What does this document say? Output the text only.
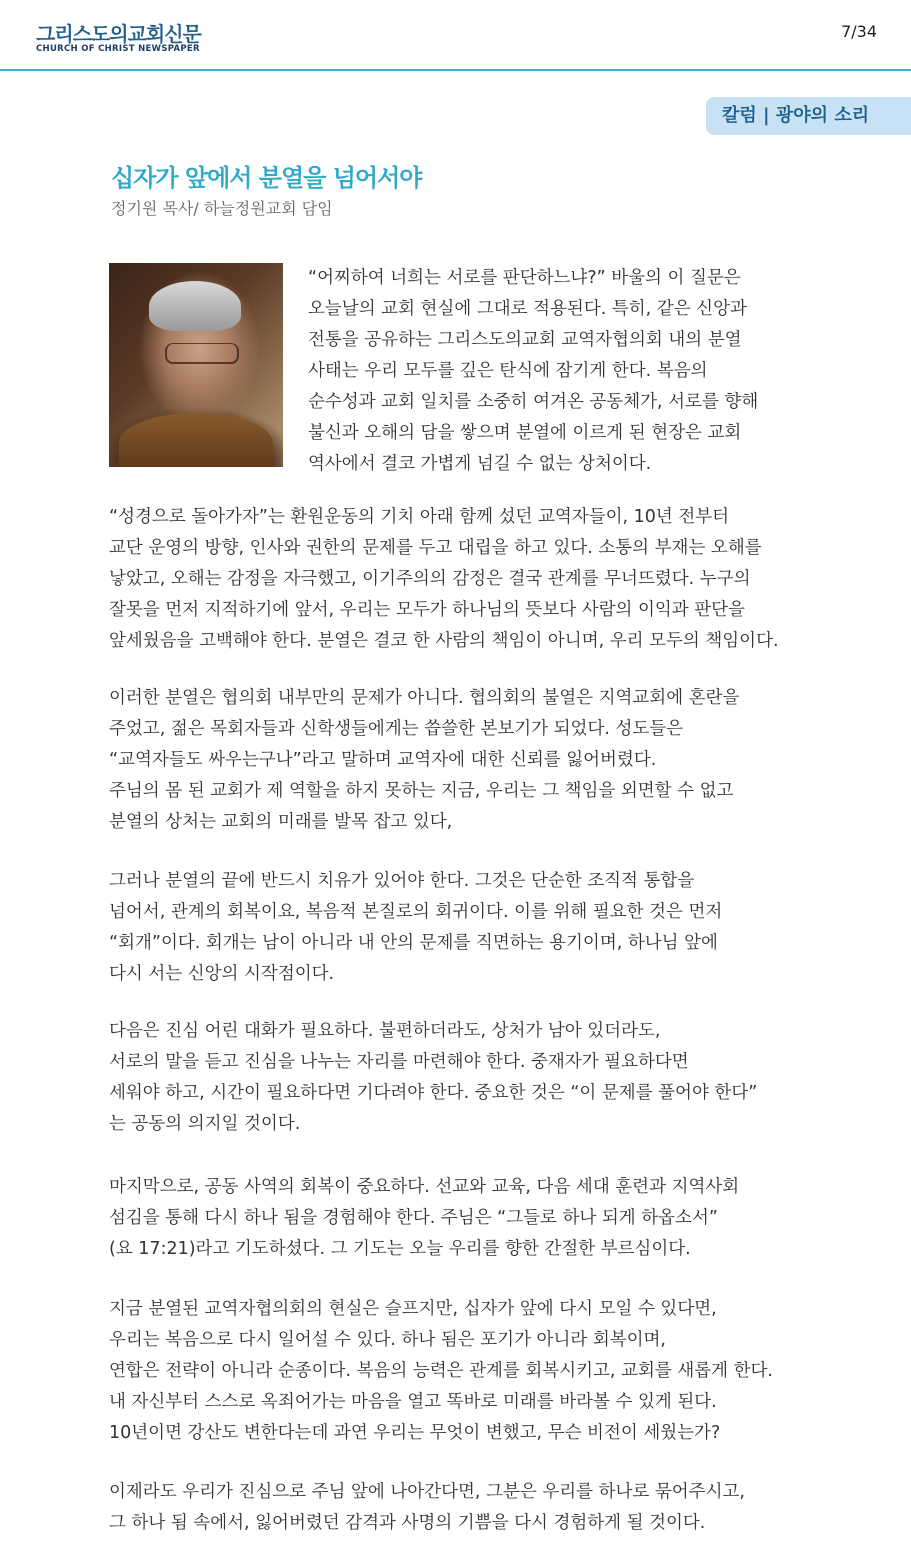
그리스도의교회신문
CHURCH OF CHRIST NEWSPAPER
7/34
칼럼 | 광야의 소리
십자가 앞에서 분열을 넘어서야
정기원 목사/ 하늘정원교회 담임
“어찌하여 너희는 서로를 판단하느냐?” 바울의 이 질문은
오늘날의 교회 현실에 그대로 적용된다. 특히, 같은 신앙과
전통을 공유하는 그리스도의교회 교역자협의회 내의 분열
사태는 우리 모두를 깊은 탄식에 잠기게 한다. 복음의
순수성과 교회 일치를 소중히 여겨온 공동체가, 서로를 향해
불신과 오해의 담을 쌓으며 분열에 이르게 된 현장은 교회
역사에서 결코 가볍게 넘길 수 없는 상처이다.
“성경으로 돌아가자”는 환원운동의 기치 아래 함께 섰던 교역자들이, 10년 전부터
교단 운영의 방향, 인사와 권한의 문제를 두고 대립을 하고 있다. 소통의 부재는 오해를
낳았고, 오해는 감정을 자극했고, 이기주의의 감정은 결국 관계를 무너뜨렸다. 누구의
잘못을 먼저 지적하기에 앞서, 우리는 모두가 하나님의 뜻보다 사람의 이익과 판단을
앞세웠음을 고백해야 한다. 분열은 결코 한 사람의 책임이 아니며, 우리 모두의 책임이다.
이러한 분열은 협의회 내부만의 문제가 아니다. 협의회의 불열은 지역교회에 혼란을
주었고, 젊은 목회자들과 신학생들에게는 씁쓸한 본보기가 되었다. 성도들은
“교역자들도 싸우는구나”라고 말하며 교역자에 대한 신뢰를 잃어버렸다.
주님의 몸 된 교회가 제 역할을 하지 못하는 지금, 우리는 그 책임을 외면할 수 없고
분열의 상처는 교회의 미래를 발목 잡고 있다,
그러나 분열의 끝에 반드시 치유가 있어야 한다. 그것은 단순한 조직적 통합을
넘어서, 관계의 회복이요, 복음적 본질로의 회귀이다. 이를 위해 필요한 것은 먼저
“회개”이다. 회개는 남이 아니라 내 안의 문제를 직면하는 용기이며, 하나님 앞에
다시 서는 신앙의 시작점이다.
다음은 진심 어린 대화가 필요하다. 불편하더라도, 상처가 남아 있더라도,
서로의 말을 듣고 진심을 나누는 자리를 마련해야 한다. 중재자가 필요하다면
세워야 하고, 시간이 필요하다면 기다려야 한다. 중요한 것은 “이 문제를 풀어야 한다”
는 공동의 의지일 것이다.
마지막으로, 공동 사역의 회복이 중요하다. 선교와 교육, 다음 세대 훈련과 지역사회
섬김을 통해 다시 하나 됨을 경험해야 한다. 주님은 “그들로 하나 되게 하옵소서”
(요 17:21)라고 기도하셨다. 그 기도는 오늘 우리를 향한 간절한 부르심이다.
지금 분열된 교역자협의회의 현실은 슬프지만, 십자가 앞에 다시 모일 수 있다면,
우리는 복음으로 다시 일어설 수 있다. 하나 됨은 포기가 아니라 회복이며,
연합은 전략이 아니라 순종이다. 복음의 능력은 관계를 회복시키고, 교회를 새롭게 한다.
내 자신부터 스스로 옥죄어가는 마음을 열고 똑바로 미래를 바라볼 수 있게 된다.
10년이면 강산도 변한다는데 과연 우리는 무엇이 변했고, 무슨 비전이 세웠는가?
이제라도 우리가 진심으로 주님 앞에 나아간다면, 그분은 우리를 하나로 묶어주시고,
그 하나 됨 속에서, 잃어버렸던 감격과 사명의 기쁨을 다시 경험하게 될 것이다.
